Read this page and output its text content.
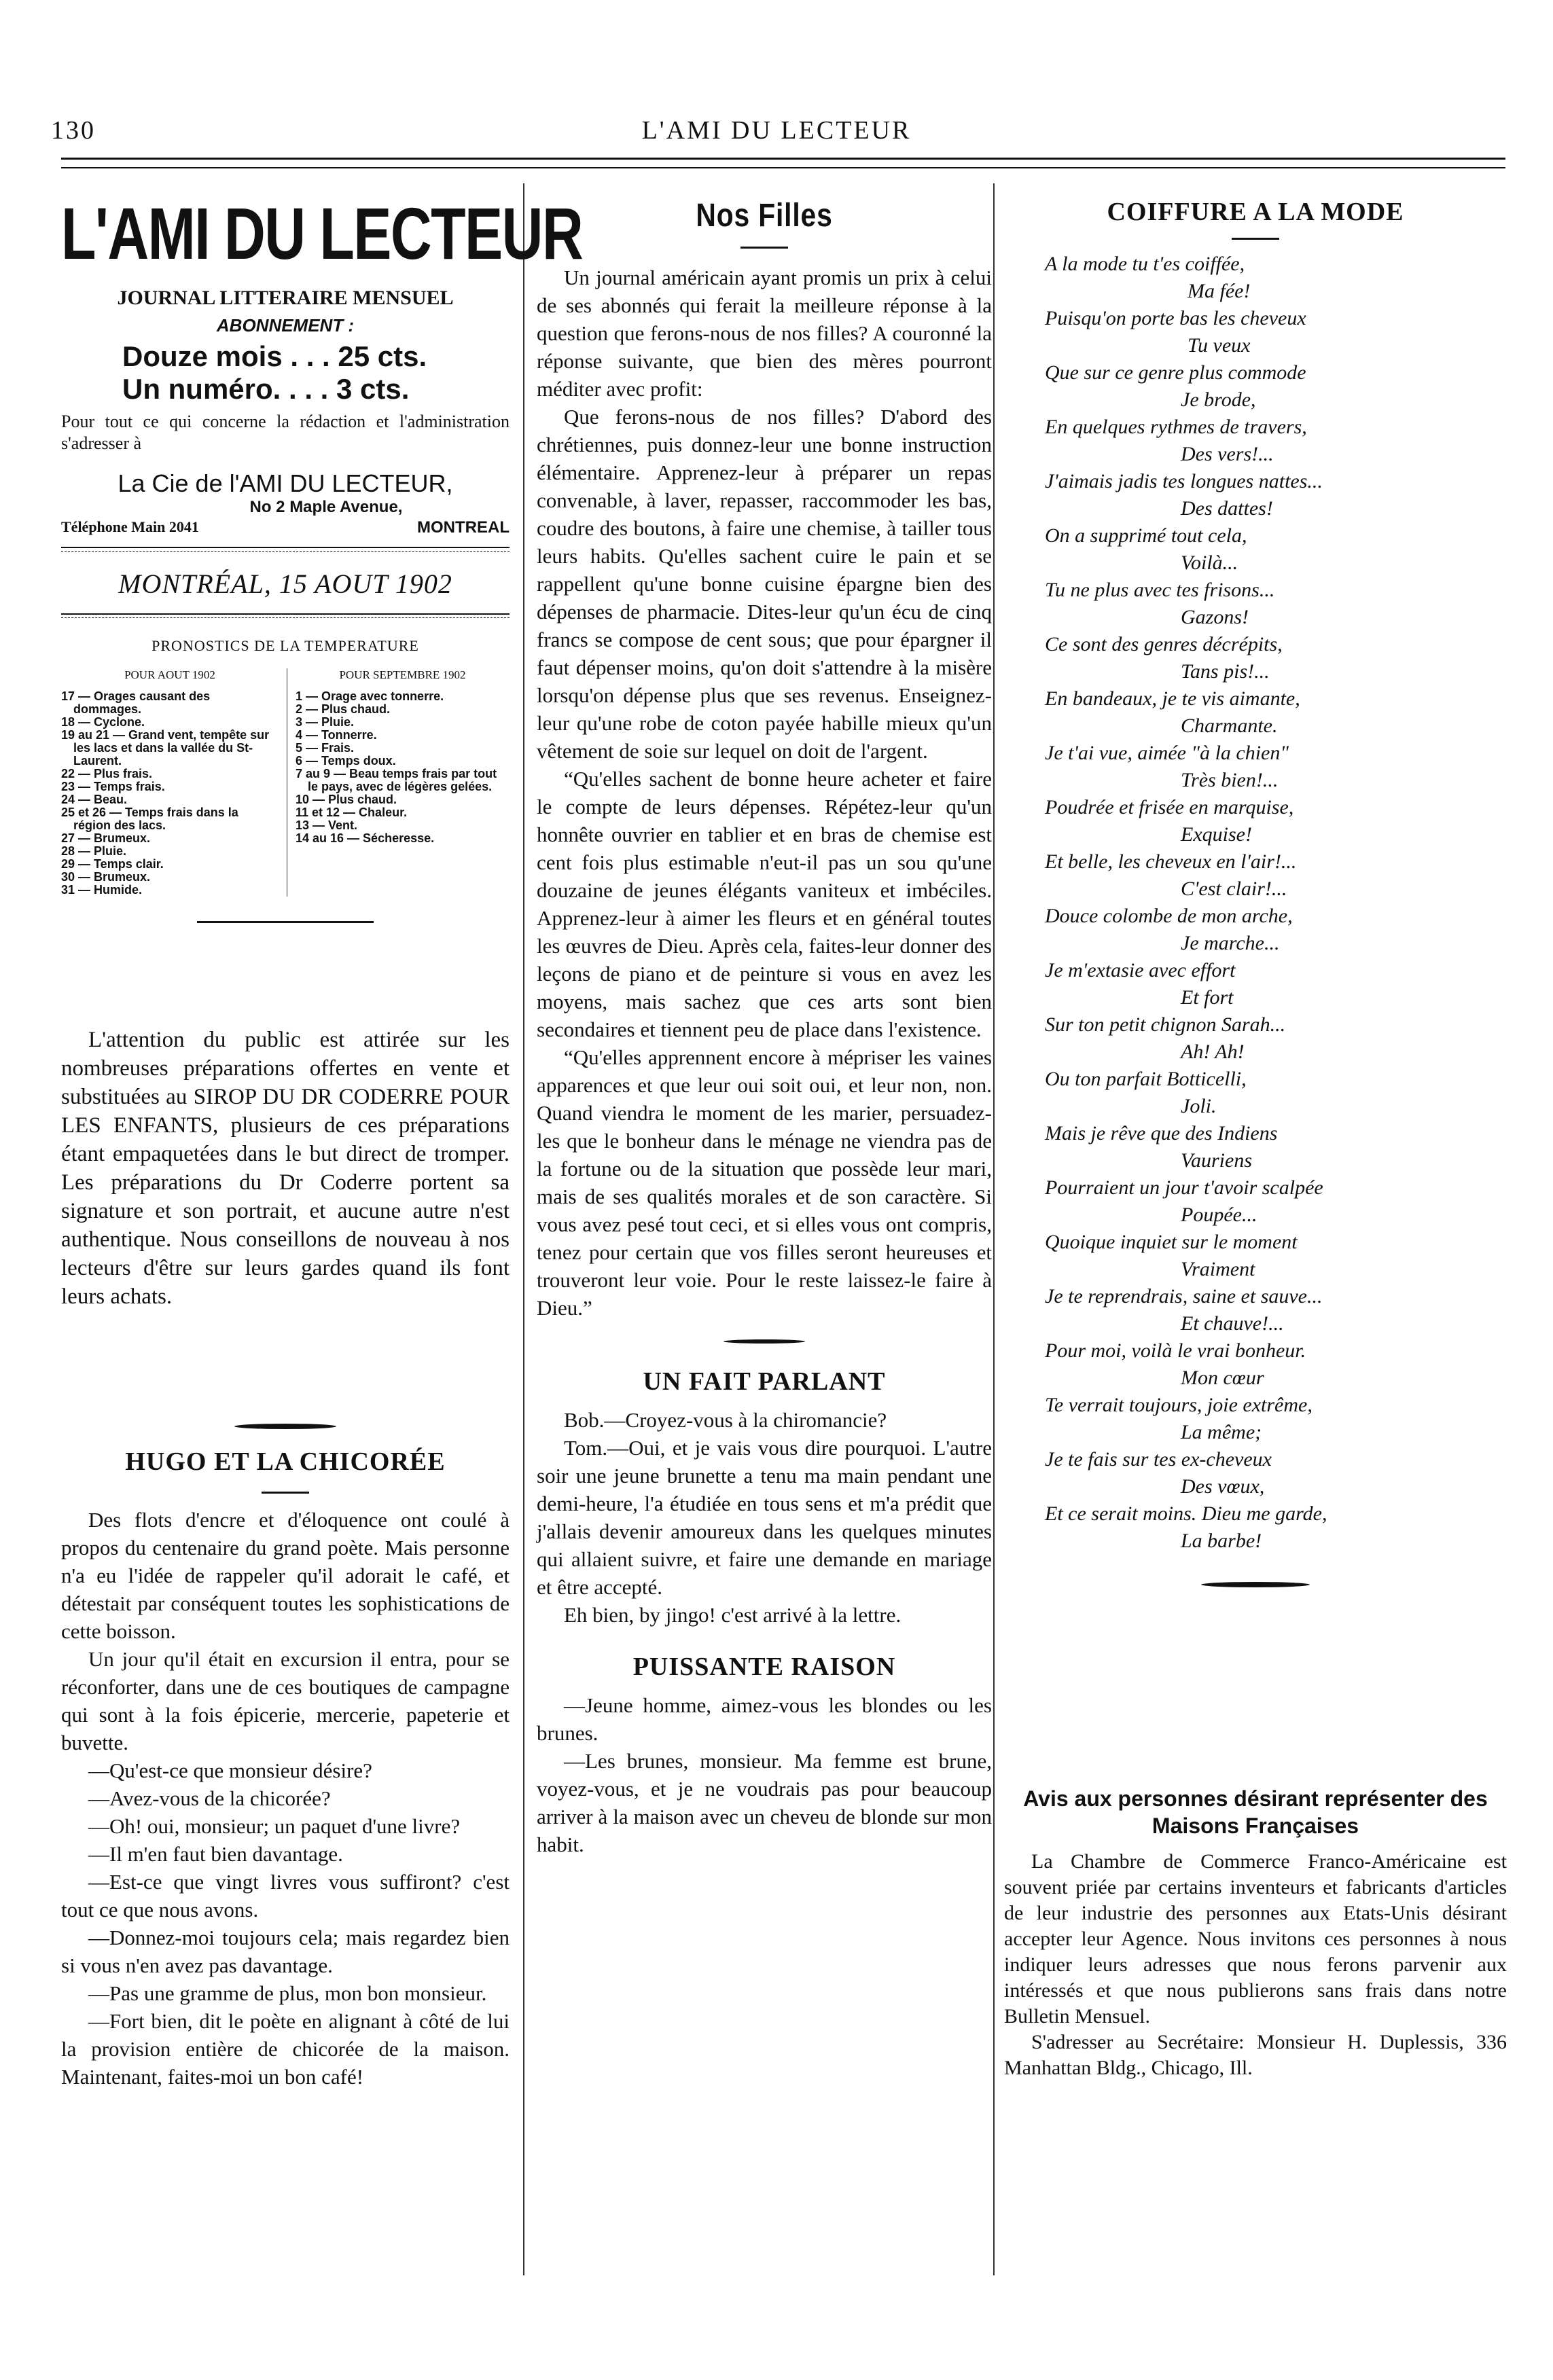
130	L'AMI DU LECTEUR
L'AMI DU LECTEUR
JOURNAL LITTERAIRE MENSUEL
ABONNEMENT :
Douze mois . . . 25 cts.
Un numéro. . . . 3 cts.
Pour tout ce qui concerne la rédaction et l'administration s'adresser à
La Cie de l'AMI DU LECTEUR,
No 2 Maple Avenue,
Téléphone Main 2041	MONTREAL
MONTRÉAL, 15 AOUT 1902
PRONOSTICS DE LA TEMPERATURE
POUR AOUT 1902
17 — Orages causant des dommages.
18 — Cyclone.
19 au 21 — Grand vent, tempête sur les lacs et dans la vallée du St-Laurent.
22 — Plus frais.
23 — Temps frais.
24 — Beau.
25 et 26 — Temps frais dans la région des lacs.
27 — Brumeux.
28 — Pluie.
29 — Temps clair.
30 — Brumeux.
31 — Humide.
POUR SEPTEMBRE 1902
1 — Orage avec tonnerre.
2 — Plus chaud.
3 — Pluie.
4 — Tonnerre.
5 — Frais.
6 — Temps doux.
7 au 9 — Beau temps frais par tout le pays, avec de légères gelées.
10 — Plus chaud.
11 et 12 — Chaleur.
13 — Vent.
14 au 16 — Sécheresse.

L'attention du public est attirée sur les nombreuses préparations offertes en vente et substituées au SIROP DU DR CODERRE POUR LES ENFANTS, plusieurs de ces préparations étant empaquetées dans le but direct de tromper. Les préparations du Dr Coderre portent sa signature et son portrait, et aucune autre n'est authentique. Nous conseillons de nouveau à nos lecteurs d'être sur leurs gardes quand ils font leurs achats.

HUGO ET LA CHICORÉE

Des flots d'encre et d'éloquence ont coulé à propos du centenaire du grand poète. Mais personne n'a eu l'idée de rappeler qu'il adorait le café, et détestait par conséquent toutes les sophistications de cette boisson.

Un jour qu'il était en excursion il entra, pour se réconforter, dans une de ces boutiques de campagne qui sont à la fois épicerie, mercerie, papeterie et buvette.

—Qu'est-ce que monsieur désire?

—Avez-vous de la chicorée?

—Oh! oui, monsieur; un paquet d'une livre?

—Il m'en faut bien davantage.

—Est-ce que vingt livres vous suffiront? c'est tout ce que nous avons.

—Donnez-moi toujours cela; mais regardez bien si vous n'en avez pas davantage.

—Pas une gramme de plus, mon bon monsieur.

—Fort bien, dit le poète en alignant à côté de lui la provision entière de chicorée de la maison. Maintenant, faites-moi un bon café!

Nos Filles

Un journal américain ayant promis un prix à celui de ses abonnés qui ferait la meilleure réponse à la question que ferons-nous de nos filles? A couronné la réponse suivante, que bien des mères pourront méditer avec profit:

Que ferons-nous de nos filles? D'abord des chrétiennes, puis donnez-leur une bonne instruction élémentaire. Apprenez-leur à préparer un repas convenable, à laver, repasser, raccommoder les bas, coudre des boutons, à faire une chemise, à tailler tous leurs habits. Qu'elles sachent cuire le pain et se rappellent qu'une bonne cuisine épargne bien des dépenses de pharmacie. Dites-leur qu'un écu de cinq francs se compose de cent sous; que pour épargner il faut dépenser moins, qu'on doit s'attendre à la misère lorsqu'on dépense plus que ses revenus. Enseignez-leur qu'une robe de coton payée habille mieux qu'un vêtement de soie sur lequel on doit de l'argent.

“Qu'elles sachent de bonne heure acheter et faire le compte de leurs dépenses. Répétez-leur qu'un honnête ouvrier en tablier et en bras de chemise est cent fois plus estimable n'eut-il pas un sou qu'une douzaine de jeunes élégants vaniteux et imbéciles. Apprenez-leur à aimer les fleurs et en général toutes les œuvres de Dieu. Après cela, faites-leur donner des leçons de piano et de peinture si vous en avez les moyens, mais sachez que ces arts sont bien secondaires et tiennent peu de place dans l'existence.

“Qu'elles apprennent encore à mépriser les vaines apparences et que leur oui soit oui, et leur non, non. Quand viendra le moment de les marier, persuadez-les que le bonheur dans le ménage ne viendra pas de la fortune ou de la situation que possède leur mari, mais de ses qualités morales et de son caractère. Si vous avez pesé tout ceci, et si elles vous ont compris, tenez pour certain que vos filles seront heureuses et trouveront leur voie. Pour le reste laissez-le faire à Dieu.”

UN FAIT PARLANT

Bob.—Croyez-vous à la chiromancie?

Tom.—Oui, et je vais vous dire pourquoi. L'autre soir une jeune brunette a tenu ma main pendant une demi-heure, l'a étudiée en tous sens et m'a prédit que j'allais devenir amoureux dans les quelques minutes qui allaient suivre, et faire une demande en mariage et être accepté.

Eh bien, by jingo! c'est arrivé à la lettre.

PUISSANTE RAISON

—Jeune homme, aimez-vous les blondes ou les brunes.

—Les brunes, monsieur. Ma femme est brune, voyez-vous, et je ne voudrais pas pour beaucoup arriver à la maison avec un cheveu de blonde sur mon habit.

COIFFURE A LA MODE
A la mode tu t'es coiffée,
Ma fée!
Puisqu'on porte bas les cheveux
Tu veux
Que sur ce genre plus commode
Je brode,
En quelques rythmes de travers,
Des vers!...
J'aimais jadis tes longues nattes...
Des dattes!
On a supprimé tout cela,
Voilà...
Tu ne plus avec tes frisons...
Gazons!
Ce sont des genres décrépits,
Tans pis!...
En bandeaux, je te vis aimante,
Charmante.
Je t'ai vue, aimée "à la chien"
Très bien!...
Poudrée et frisée en marquise,
Exquise!
Et belle, les cheveux en l'air!...
C'est clair!...
Douce colombe de mon arche,
Je marche...
Je m'extasie avec effort
Et fort
Sur ton petit chignon Sarah...
Ah! Ah!
Ou ton parfait Botticelli,
Joli.
Mais je rêve que des Indiens
Vauriens
Pourraient un jour t'avoir scalpée
Poupée...
Quoique inquiet sur le moment
Vraiment
Je te reprendrais, saine et sauve...
Et chauve!...
Pour moi, voilà le vrai bonheur.
Mon cœur
Te verrait toujours, joie extrême,
La même;
Je te fais sur tes ex-cheveux
Des vœux,
Et ce serait moins. Dieu me garde,
La barbe!
Avis aux personnes désirant représenter des Maisons Françaises

La Chambre de Commerce Franco-Américaine est souvent priée par certains inventeurs et fabricants d'articles de leur industrie des personnes aux Etats-Unis désirant accepter leur Agence. Nous invitons ces personnes à nous indiquer leurs adresses que nous ferons parvenir aux intéressés et que nous publierons sans frais dans notre Bulletin Mensuel.

S'adresser au Secrétaire: Monsieur H. Duplessis, 336 Manhattan Bldg., Chicago, Ill.
